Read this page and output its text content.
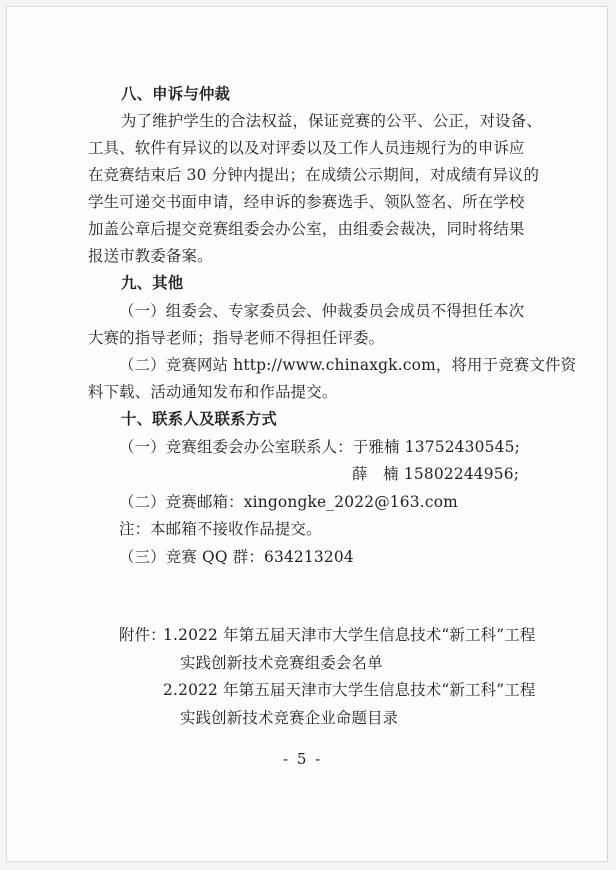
八、申诉与仲裁
为了维护学生的合法权益，保证竞赛的公平、公正，对设备、
工具、软件有异议的以及对评委以及工作人员违规行为的申诉应
在竞赛结束后 30 分钟内提出；在成绩公示期间，对成绩有异议的
学生可递交书面申请，经申诉的参赛选手、领队签名、所在学校
加盖公章后提交竞赛组委会办公室，由组委会裁决，同时将结果
报送市教委备案。
九、其他
（一）组委会、专家委员会、仲裁委员会成员不得担任本次
大赛的指导老师；指导老师不得担任评委。
（二）竞赛网站 http://www.chinaxgk.com，将用于竞赛文件资
料下载、活动通知发布和作品提交。
十、联系人及联系方式
（一）竞赛组委会办公室联系人：于雅楠 13752430545;
薛　楠 15802244956;
（二）竞赛邮箱：xingongke_2022@163.com
注：本邮箱不接收作品提交。
（三）竞赛 QQ 群：634213204
附件：
1.2022 年第五届天津市大学生信息技术“新工科”工程
实践创新技术竞赛组委会名单
2.2022 年第五届天津市大学生信息技术“新工科”工程
实践创新技术竞赛企业命题目录
- 5 -
